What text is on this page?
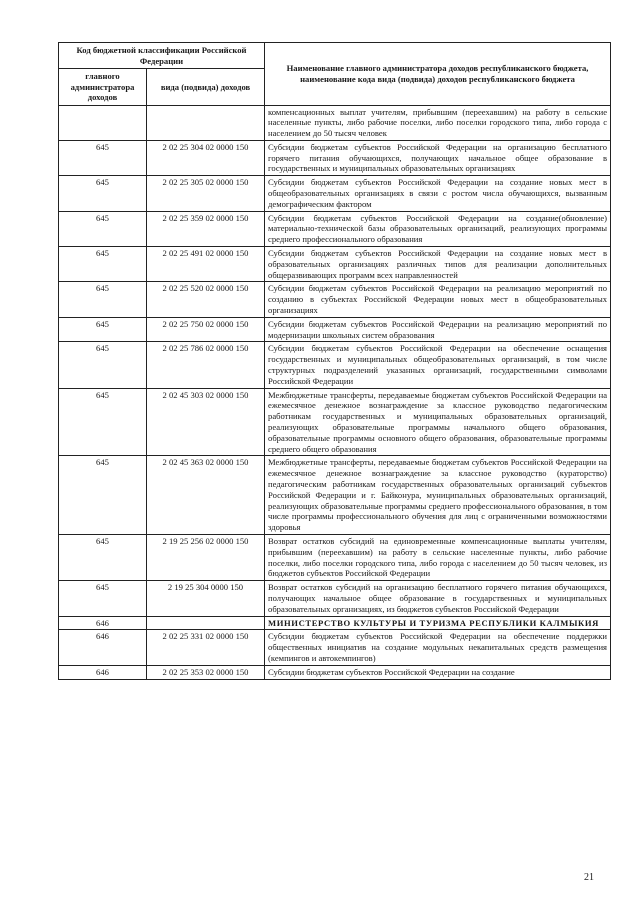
Код бюджетной классификации Российской Федерации		Наименование главного администратора доходов республиканского бюджета, наименование кода вида (подвида) доходов республиканского бюджета
главного администратора доходов	вида (подвида) доходов	
		компенсационных выплат учителям, прибывшим (переехавшим) на работу в сельские населенные пункты, либо рабочие поселки, либо поселки городского типа, либо города с населением до 50 тысяч человек
645	2 02 25 304 02 0000 150	Субсидии бюджетам субъектов Российской Федерации на организацию бесплатного горячего питания обучающихся, получающих начальное общее образование в государственных и муниципальных образовательных организациях
645	2 02 25 305 02 0000 150	Субсидии бюджетам субъектов Российской Федерации на создание новых мест в общеобразовательных организациях в связи с ростом числа обучающихся, вызванным демографическим фактором
645	2 02 25 359 02 0000 150	Субсидии бюджетам субъектов Российской Федерации на создание(обновление) материально-технической базы образовательных организаций, реализующих программы среднего профессионального образования
645	2 02 25 491 02 0000 150	Субсидии бюджетам субъектов Российской Федерации на создание новых мест в образовательных организациях различных типов для реализации дополнительных общеразвивающих программ всех направленностей
645	2 02 25 520 02 0000 150	Субсидии бюджетам субъектов Российской Федерации на реализацию мероприятий по созданию в субъектах Российской Федерации новых мест в общеобразовательных организациях
645	2 02 25 750 02 0000 150	Субсидии бюджетам субъектов Российской Федерации на реализацию мероприятий по модернизации школьных систем образования
645	2 02 25 786 02 0000 150	Субсидии бюджетам субъектов Российской Федерации на обеспечение оснащения государственных и муниципальных общеобразовательных организаций, в том числе структурных подразделений указанных организаций, государственными символами Российской Федерации
645	2 02 45 303 02 0000 150	Межбюджетные трансферты, передаваемые бюджетам субъектов Российской Федерации на ежемесячное денежное вознаграждение за классное руководство педагогическим работникам государственных и муниципальных образовательных организаций, реализующих образовательные программы начального общего образования, образовательные программы основного общего образования, образовательные программы среднего общего образования
645	2 02 45 363 02 0000 150	Межбюджетные трансферты, передаваемые бюджетам субъектов Российской Федерации на ежемесячное денежное вознаграждение за классное руководство (кураторство) педагогическим работникам государственных образовательных организаций субъектов Российской Федерации и г. Байконура, муниципальных образовательных организаций, реализующих образовательные программы среднего профессионального образования, в том числе программы профессионального обучения для лиц с ограниченными возможностями здоровья
645	2 19 25 256 02 0000 150	Возврат остатков субсидий на единовременные компенсационные выплаты учителям, прибывшим (переехавшим) на работу в сельские населенные пункты, либо рабочие поселки, либо поселки городского типа, либо города с населением до 50 тысяч человек, из бюджетов субъектов Российской Федерации
645	2 19 25 304 0000 150	Возврат остатков субсидий на организацию бесплатного горячего питания обучающихся, получающих начальное общее образование в государственных и муниципальных образовательных организациях, из бюджетов субъектов Российской Федерации
646		МИНИСТЕРСТВО КУЛЬТУРЫ И ТУРИЗМА РЕСПУБЛИКИ КАЛМЫКИЯ
646	2 02 25 331 02 0000 150	Субсидии бюджетам субъектов Российской Федерации на обеспечение поддержки общественных инициатив на создание модульных некапитальных средств размещения (кемпингов и автокемпингов)
646	2 02 25 353 02 0000 150	Субсидии бюджетам субъектов Российской Федерации на создание
21
